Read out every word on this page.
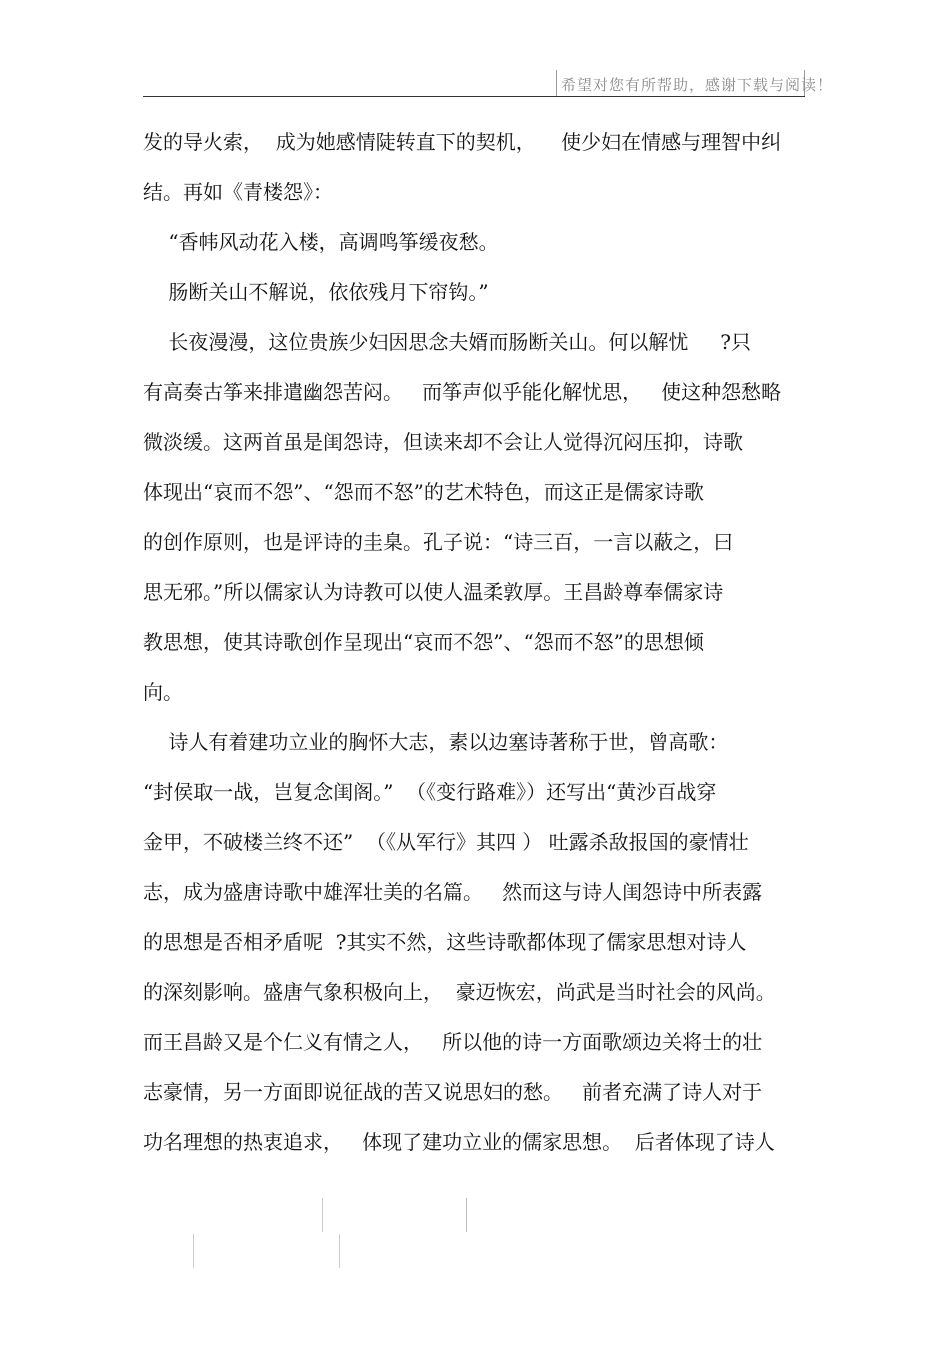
希望对您有所帮助，感谢下载与阅读！
发的导火索，  成为她感情陡转直下的契机，    使少妇在情感与理智中纠
结。再如《青楼怨》：
“香帏风动花入楼，高调鸣筝缓夜愁。
肠断关山不解说，依依残月下帘钩。”
长夜漫漫，这位贵族少妇因思念夫婿而肠断关山。何以解忧     ?只
有高奏古筝来排遣幽怨苦闷。   而筝声似乎能化解忧思，   使这种怨愁略
微淡缓。这两首虽是闺怨诗，但读来却不会让人觉得沉闷压抑，诗歌
体现出“哀而不怨”、“怨而不怒”的艺术特色，而这正是儒家诗歌
的创作原则，也是评诗的圭臬。孔子说：“诗三百，一言以蔽之，曰
思无邪。”所以儒家认为诗教可以使人温柔敦厚。王昌龄尊奉儒家诗
教思想，使其诗歌创作呈现出“哀而不怨”、“怨而不怒”的思想倾
向。
诗人有着建功立业的胸怀大志，素以边塞诗著称于世，曾高歌：
“封侯取一战，岂复念闺阁。”  （《变行路难》）还写出“黄沙百战穿
金甲，不破楼兰终不还”  （《从军行》其四 ） 吐露杀敌报国的豪情壮
志，成为盛唐诗歌中雄浑壮美的名篇。   然而这与诗人闺怨诗中所表露
的思想是否相矛盾呢  ?其实不然，这些诗歌都体现了儒家思想对诗人
的深刻影响。盛唐气象积极向上，  豪迈恢宏，尚武是当时社会的风尚。
而王昌龄又是个仁义有情之人，   所以他的诗一方面歌颂边关将士的壮
志豪情，另一方面即说征战的苦又说思妇的愁。   前者充满了诗人对于
功名理想的热衷追求，   体现了建功立业的儒家思想。  后者体现了诗人
